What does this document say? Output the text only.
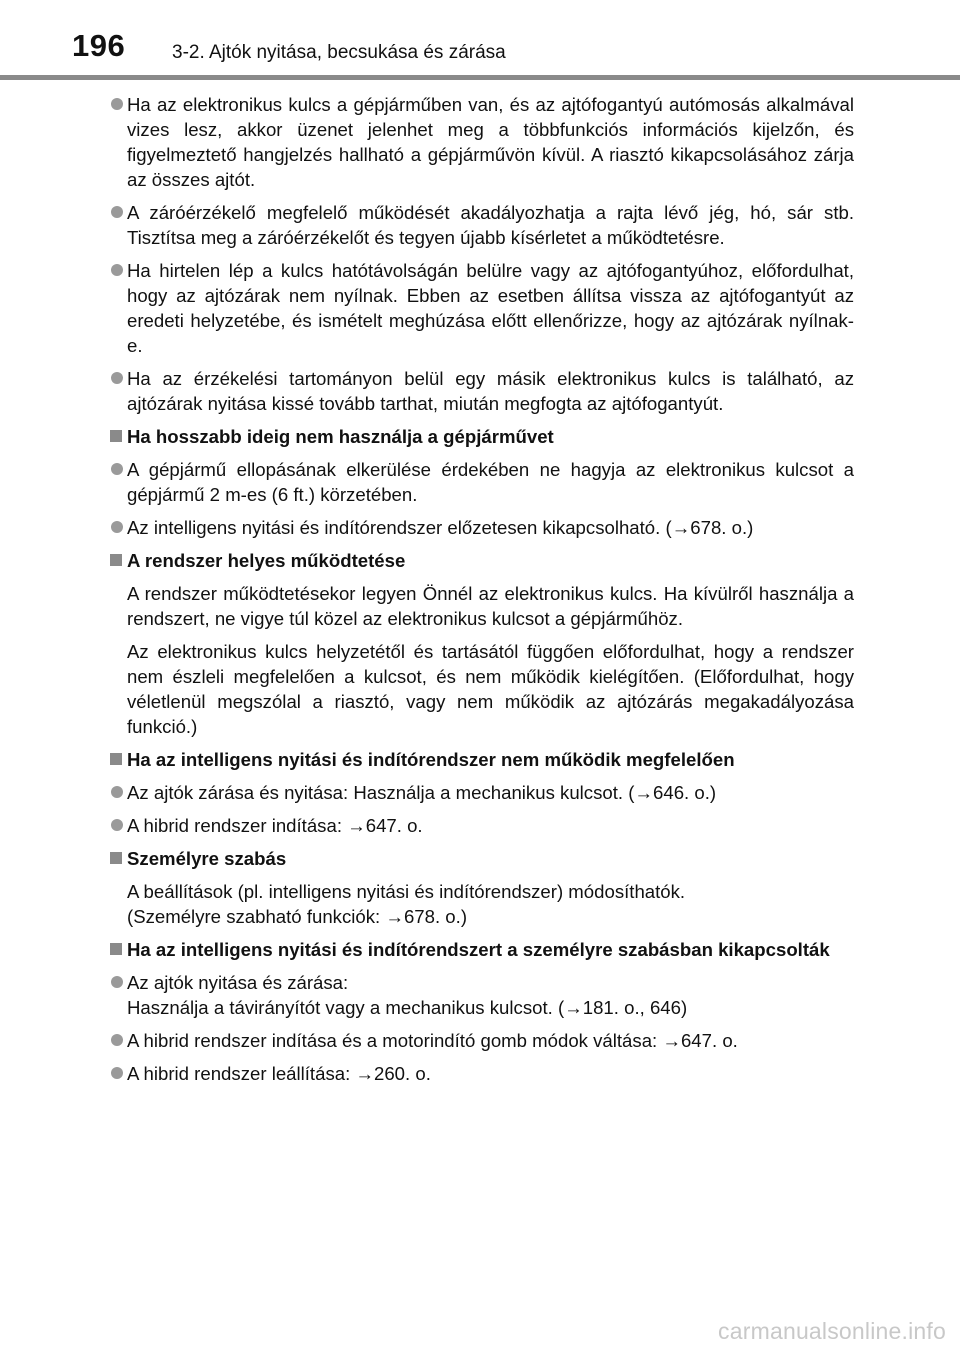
196 3-2. Ajtók nyitása, becsukása és zárása
Ha az elektronikus kulcs a gépjárműben van, és az ajtófogantyú autómosás alkalmával vizes lesz, akkor üzenet jelenhet meg a többfunkciós információs kijelzőn, és figyelmeztető hangjelzés hallható a gépjárművön kívül. A riasztó kikapcsolásához zárja az összes ajtót.
A záróérzékelő megfelelő működését akadályozhatja a rajta lévő jég, hó, sár stb. Tisztítsa meg a záróérzékelőt és tegyen újabb kísérletet a működtetésre.
Ha hirtelen lép a kulcs hatótávolságán belülre vagy az ajtófogantyúhoz, előfordulhat, hogy az ajtózárak nem nyílnak. Ebben az esetben állítsa vissza az ajtófogantyút az eredeti helyzetébe, és ismételt meghúzása előtt ellenőrizze, hogy az ajtózárak nyílnak-e.
Ha az érzékelési tartományon belül egy másik elektronikus kulcs is található, az ajtózárak nyitása kissé tovább tarthat, miután megfogta az ajtófogantyút.
Ha hosszabb ideig nem használja a gépjárművet
A gépjármű ellopásának elkerülése érdekében ne hagyja az elektronikus kulcsot a gépjármű 2 m-es (6 ft.) körzetében.
Az intelligens nyitási és indítórendszer előzetesen kikapcsolható. (→678. o.)
A rendszer helyes működtetése
A rendszer működtetésekor legyen Önnél az elektronikus kulcs. Ha kívülről használja a rendszert, ne vigye túl közel az elektronikus kulcsot a gépjárműhöz.
Az elektronikus kulcs helyzetétől és tartásától függően előfordulhat, hogy a rendszer nem észleli megfelelően a kulcsot, és nem működik kielégítően. (Előfordulhat, hogy véletlenül megszólal a riasztó, vagy nem működik az ajtózárás megakadályozása funkció.)
Ha az intelligens nyitási és indítórendszer nem működik megfelelően
Az ajtók zárása és nyitása: Használja a mechanikus kulcsot. (→646. o.)
A hibrid rendszer indítása: →647. o.
Személyre szabás
A beállítások (pl. intelligens nyitási és indítórendszer) módosíthatók.
(Személyre szabható funkciók: →678. o.)
Ha az intelligens nyitási és indítórendszert a személyre szabásban kikapcsolták
Az ajtók nyitása és zárása:
Használja a távirányítót vagy a mechanikus kulcsot. (→181. o., 646)
A hibrid rendszer indítása és a motorindító gomb módok váltása: →647. o.
A hibrid rendszer leállítása: →260. o.
carmanualsonline.info
